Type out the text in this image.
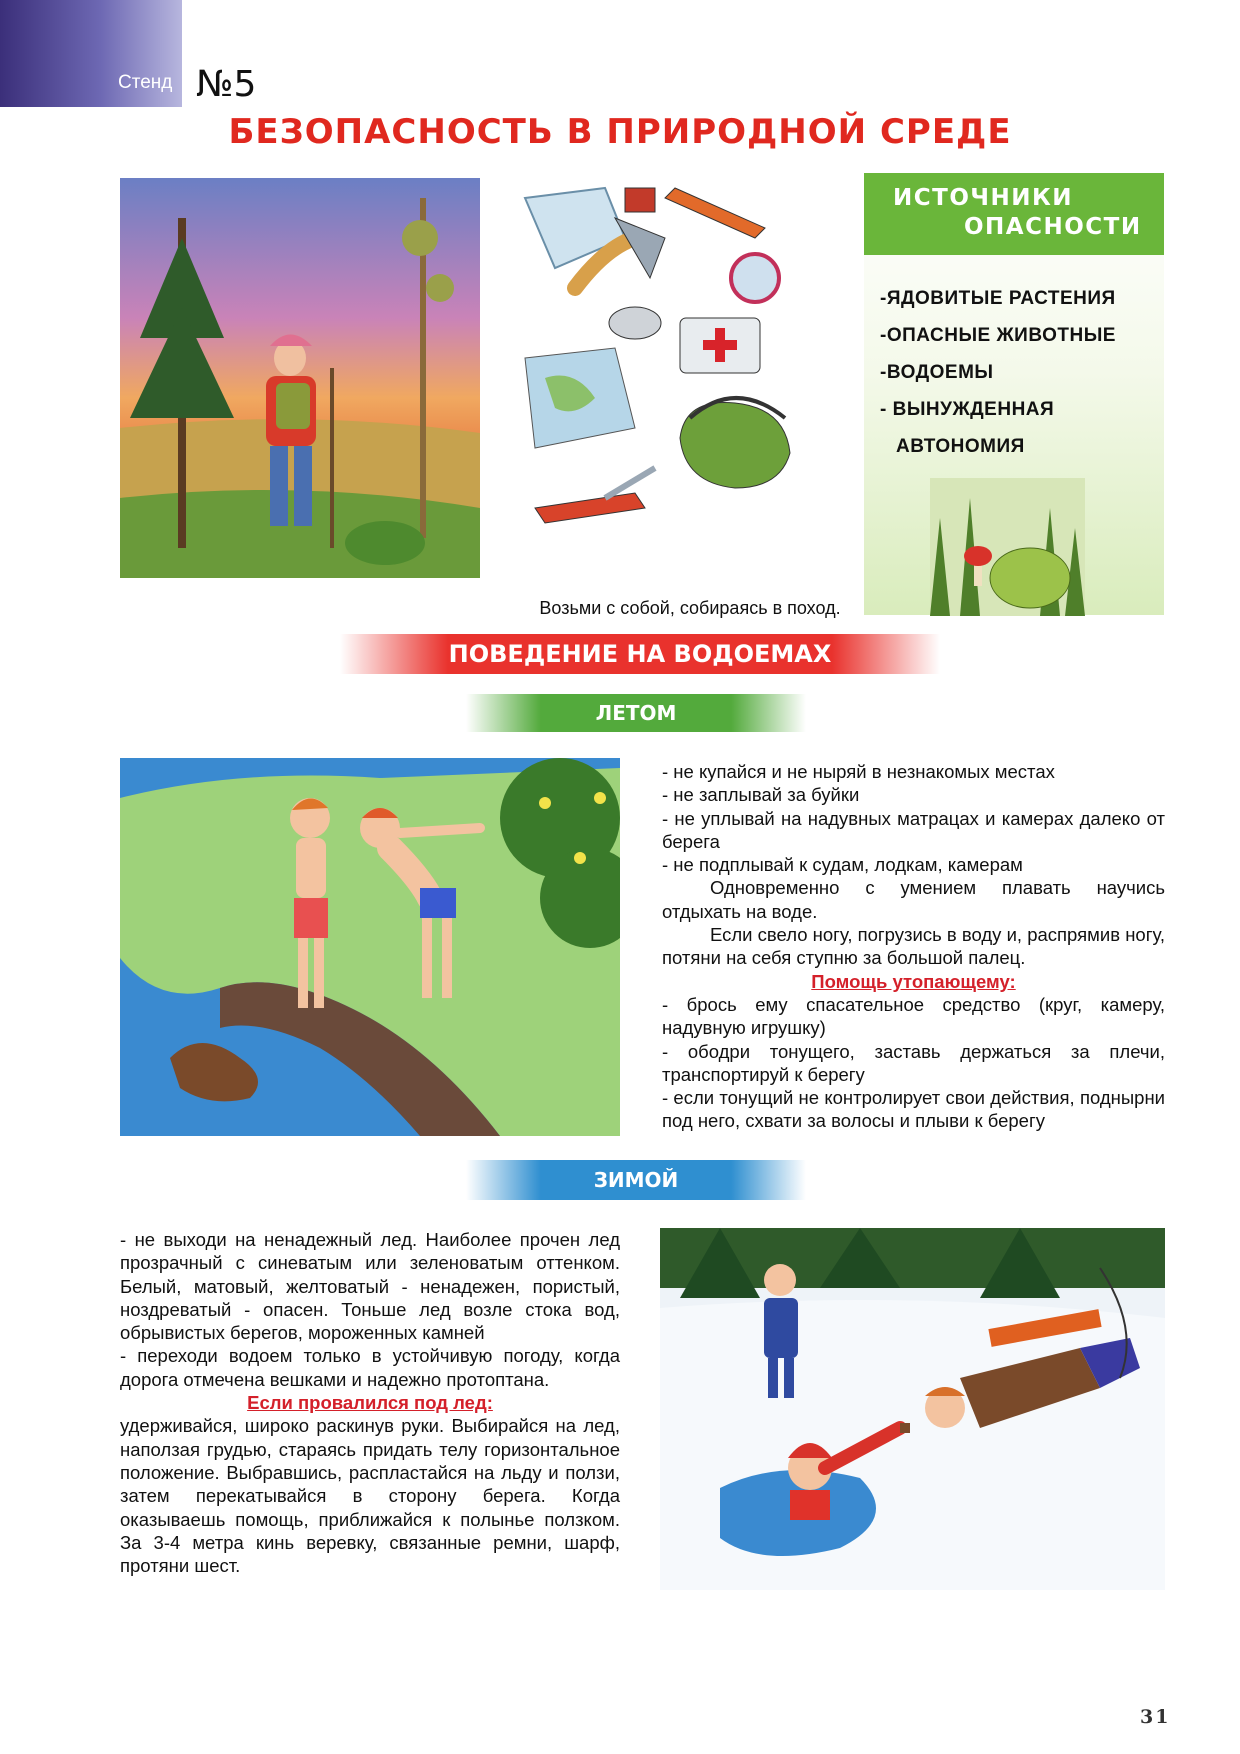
Стенд №5
БЕЗОПАСНОСТЬ В ПРИРОДНОЙ СРЕДЕ
Возьми с собой, собираясь в поход.
ИСТОЧНИКИ
ОПАСНОСТИ
-ЯДОВИТЫЕ РАСТЕНИЯ
-ОПАСНЫЕ ЖИВОТНЫЕ
-ВОДОЕМЫ
- ВЫНУЖДЕННАЯ
АВТОНОМИЯ
ПОВЕДЕНИЕ НА ВОДОЕМАХ
ЛЕТОМ

- не купайся и не ныряй в незнакомых местах

- не заплывай за буйки

- не уплывай на надувных матрацах и камерах далеко от берега

- не подплывай к судам, лодкам, камерам

Одновременно с умением плавать научись отдыхать на воде.

Если свело ногу, погрузись в воду и, распрямив ногу, потяни на себя ступню за большой палец.

Помощь утопающему:

- брось ему спасательное средство (круг, камеру, надувную игрушку)

- ободри тонущего, заставь держаться за плечи, транспортируй к берегу

- если тонущий не контролирует свои действия, поднырни под него, схвати за волосы и плыви к берегу

ЗИМОЙ

- не выходи на ненадежный лед. Наиболее прочен лед прозрачный с синеватым или зеленоватым оттенком. Белый, матовый, желтоватый - ненадежен, пористый, ноздреватый - опасен. Тоньше лед возле стока вод, обрывистых берегов, мороженных камней

- переходи водоем только в устойчивую погоду, когда дорога отмечена вешками и надежно протоптана.

Если провалился под лед:

удерживайся, широко раскинув руки. Выбирайся на лед, наползая грудью, стараясь придать телу горизонтальное положение. Выбравшись, распластайся на льду и ползи, затем перекатывайся в сторону берега. Когда оказываешь помощь, приближайся к полынье ползком. За 3-4 метра кинь веревку, связанные ремни, шарф, протяни шест.

31
